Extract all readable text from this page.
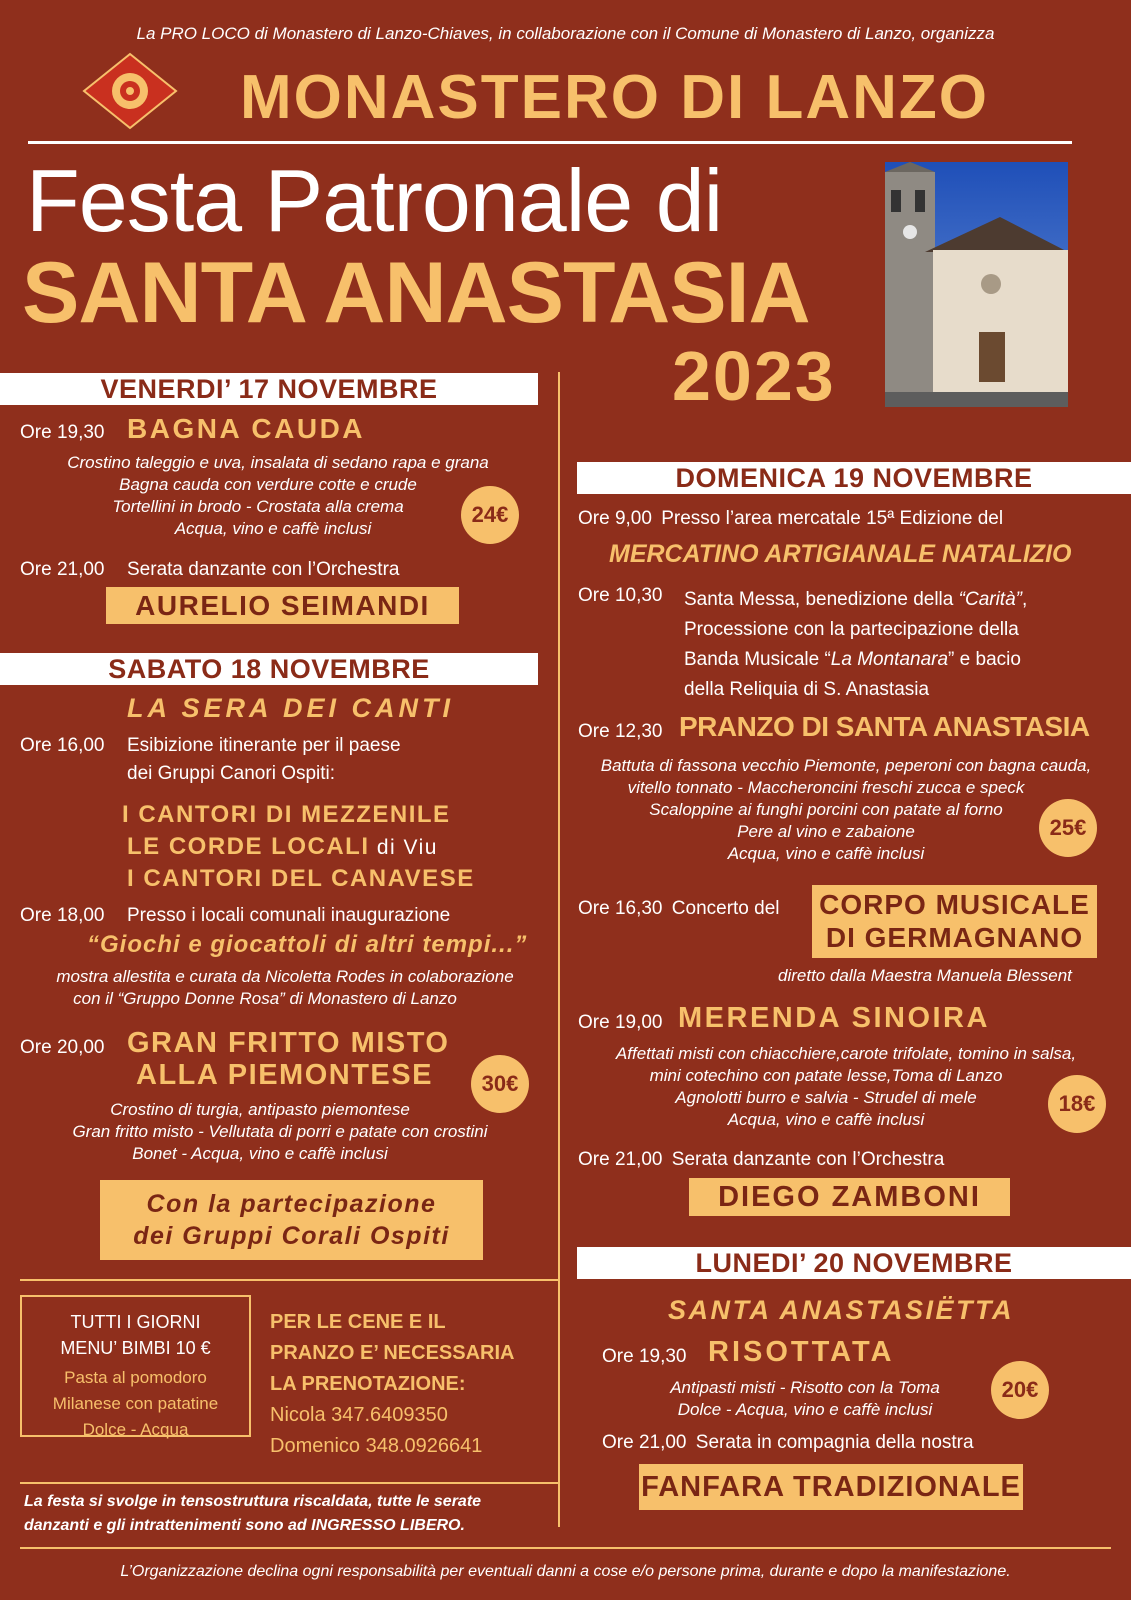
La PRO LOCO di Monastero di Lanzo-Chiaves, in collaborazione con il Comune di Monastero di Lanzo, organizza
MONASTERO DI LANZO
Festa Patronale di
SANTA ANASTASIA
2023
VENERDI’ 17 NOVEMBRE
Ore 19,30 BAGNA CAUDA
Crostino taleggio e uva, insalata di sedano rapa e grana
Bagna cauda con verdure cotte e crude
Tortellini in brodo - Crostata alla crema
Acqua, vino e caffè inclusi
24€
Ore 21,00 Serata danzante con l’Orchestra
AURELIO SEIMANDI
SABATO 18 NOVEMBRE
LA SERA DEI CANTI
Ore 16,00 Esibizione itinerante per il paese
dei Gruppi Canori Ospiti:
I CANTORI DI MEZZENILE
LE CORDE LOCALI di Viu
I CANTORI DEL CANAVESE
Ore 18,00 Presso i locali comunali inaugurazione
“Giochi e giocattoli di altri tempi...”
mostra allestita e curata da Nicoletta Rodes in colaborazione
con il “Gruppo Donne Rosa” di Monastero di Lanzo
Ore 20,00 GRAN FRITTO MISTO
ALLA PIEMONTESE	30€
Crostino di turgia, antipasto piemontese
Gran fritto misto - Vellutata di porri e patate con crostini
Bonet - Acqua, vino e caffè inclusi
Con la partecipazione
dei Gruppi Corali Ospiti
TUTTI I GIORNI
MENU’ BIMBI 10 €
Pasta al pomodoro
Milanese con patatine
Dolce - Acqua
PER LE CENE E IL
PRANZO E’ NECESSARIA
LA PRENOTAZIONE:
Nicola 347.6409350
Domenico 348.0926641
La festa si svolge in tensostruttura riscaldata, tutte le serate
danzanti e gli intrattenimenti sono ad INGRESSO LIBERO.
DOMENICA 19 NOVEMBRE
Ore 9,00 Presso l’area mercatale 15ª Edizione del
MERCATINO ARTIGIANALE NATALIZIO
Ore 10,30 Santa Messa, benedizione della “Carità”,
Processione con la partecipazione della
Banda Musicale “La Montanara” e bacio
della Reliquia di S. Anastasia
Ore 12,30 PRANZO DI SANTA ANASTASIA
Battuta di fassona vecchio Piemonte, peperoni con bagna cauda,
vitello tonnato - Maccheroncini freschi zucca e speck
Scaloppine ai funghi porcini con patate al forno
Pere al vino e zabaione
Acqua, vino e caffè inclusi
25€
Ore 16,30 Concerto del CORPO MUSICALE
DI GERMAGNANO
diretto dalla Maestra Manuela Blessent
Ore 19,00 MERENDA SINOIRA
Affettati misti con chiacchiere,carote trifolate, tomino in salsa,
mini cotechino con patate lesse,Toma di Lanzo
Agnolotti burro e salvia - Strudel di mele
Acqua, vino e caffè inclusi
18€
Ore 21,00 Serata danzante con l’Orchestra
DIEGO ZAMBONI
LUNEDI’ 20 NOVEMBRE
SANTA ANASTASIËTTA
Ore 19,30 RISOTTATA
Antipasti misti - Risotto con la Toma
Dolce - Acqua, vino e caffè inclusi
20€
Ore 21,00 Serata in compagnia della nostra
FANFARA TRADIZIONALE
L’Organizzazione declina ogni responsabilità per eventuali danni a cose e/o persone prima, durante e dopo la manifestazione.
